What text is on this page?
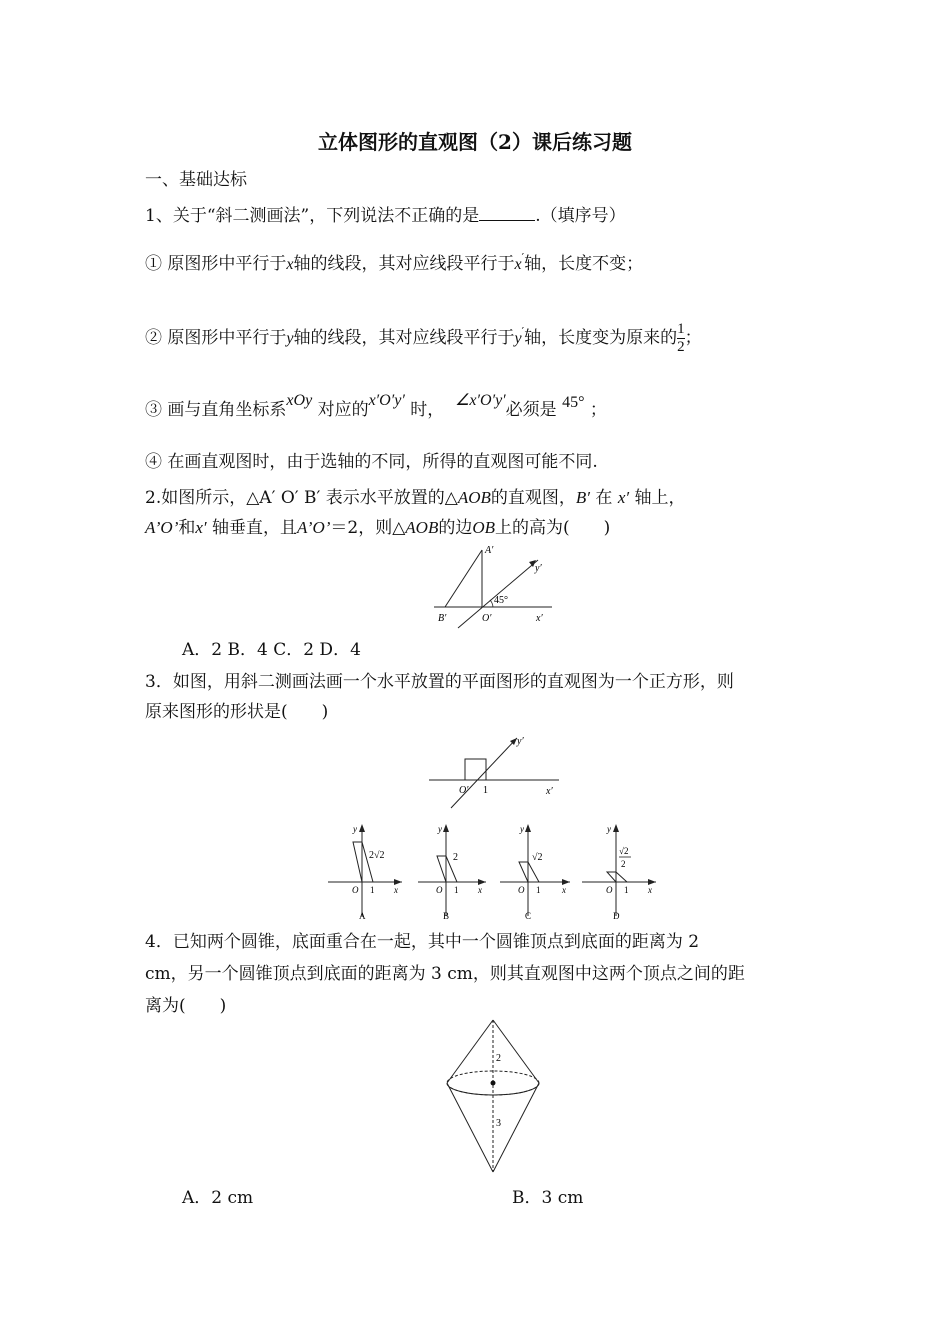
立体图形的直观图（2）课后练习题
一、基础达标
1、关于“斜二测画法”，下列说法不正确的是	.（填序号）
① 原图形中平行于x轴的线段，其对应线段平行于x′轴，长度不变；
② 原图形中平行于y轴的线段，其对应线段平行于y′轴，长度变为原来的 $\frac{1}{2}$ ；
③ 画与直角坐标系xOy 对应的x′O′y′ 时， ∠x′O′y′必须是 45° ；
④ 在画直观图时，由于选轴的不同，所得的直观图可能不同.
2.如图所示，△A′ O′ B′ 表示水平放置的△AOB的直观图，B′ 在 x′ 轴上，
A’O’和x′ 轴垂直，且A’O’＝2，则△AOB的边OB上的高为(　　)
A′
y′
45°
B′	O′	x′
A．2 B．4 C．2 D．4
3．如图，用斜二测画法画一个水平放置的平面图形的直观图为一个正方形，则
原来图形的形状是(　　)
y′
O′ 1	x′
y
O 1 x
2√2
A
y
O 1 x
2
B
y
O 1 x
√2
C
y
O 1 x
√2
2
D
4．已知两个圆锥，底面重合在一起，其中一个圆锥顶点到底面的距离为 2
cm，另一个圆锥顶点到底面的距离为 3 cm，则其直观图中这两个顶点之间的距
离为(　　)
2
3
A．2 cm	B．3 cm
